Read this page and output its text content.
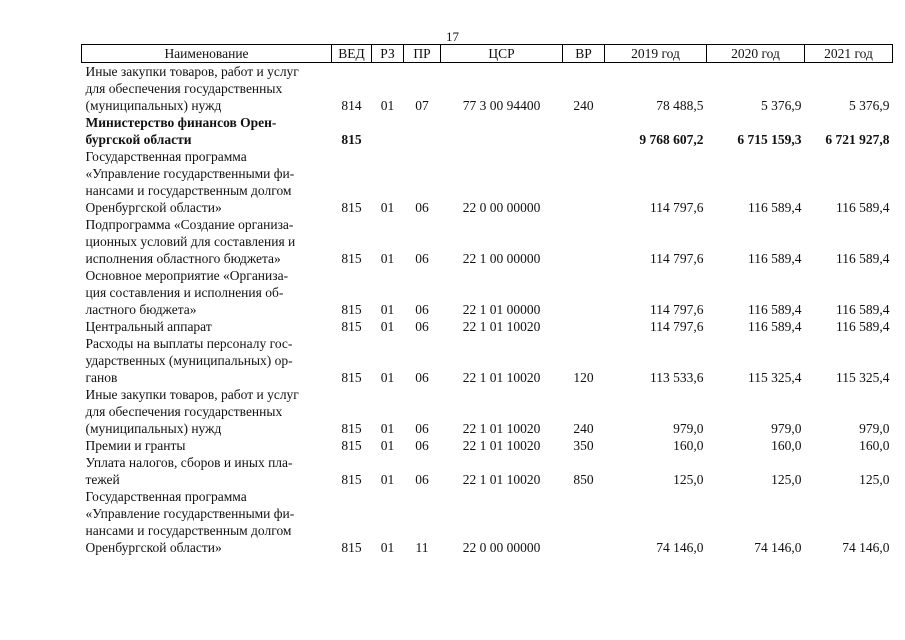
17
Наименование	ВЕД	РЗ	ПР	ЦСР	ВР	2019 год	2020 год	2021 год

Иные закупки товаров, работ и услуг
для обеспечения государственных
(муниципальных) нужд	814	01	07	77 3 00 94400	240	78 488,5	5 376,9	5 376,9

Министерство финансов Орен-
бургской области	815					9 768 607,2	6 715 159,3	6 721 927,8

Государственная программа
«Управление государственными фи-
нансами и государственным долгом
Оренбургской области»	815	01	06	22 0 00 00000		114 797,6	116 589,4	116 589,4

Подпрограмма «Создание организа-
ционных условий для составления и
исполнения областного бюджета»	815	01	06	22 1 00 00000		114 797,6	116 589,4	116 589,4

Основное мероприятие «Организа-
ция составления и исполнения об-
ластного бюджета»	815	01	06	22 1 01 00000		114 797,6	116 589,4	116 589,4

Центральный аппарат	815	01	06	22 1 01 10020		114 797,6	116 589,4	116 589,4

Расходы на выплаты персоналу гос-
ударственных (муниципальных) ор-
ганов	815	01	06	22 1 01 10020	120	113 533,6	115 325,4	115 325,4

Иные закупки товаров, работ и услуг
для обеспечения государственных
(муниципальных) нужд	815	01	06	22 1 01 10020	240	979,0	979,0	979,0

Премии и гранты	815	01	06	22 1 01 10020	350	160,0	160,0	160,0

Уплата налогов, сборов и иных пла-
тежей	815	01	06	22 1 01 10020	850	125,0	125,0	125,0

Государственная программа
«Управление государственными фи-
нансами и государственным долгом
Оренбургской области»	815	01	11	22 0 00 00000		74 146,0	74 146,0	74 146,0
